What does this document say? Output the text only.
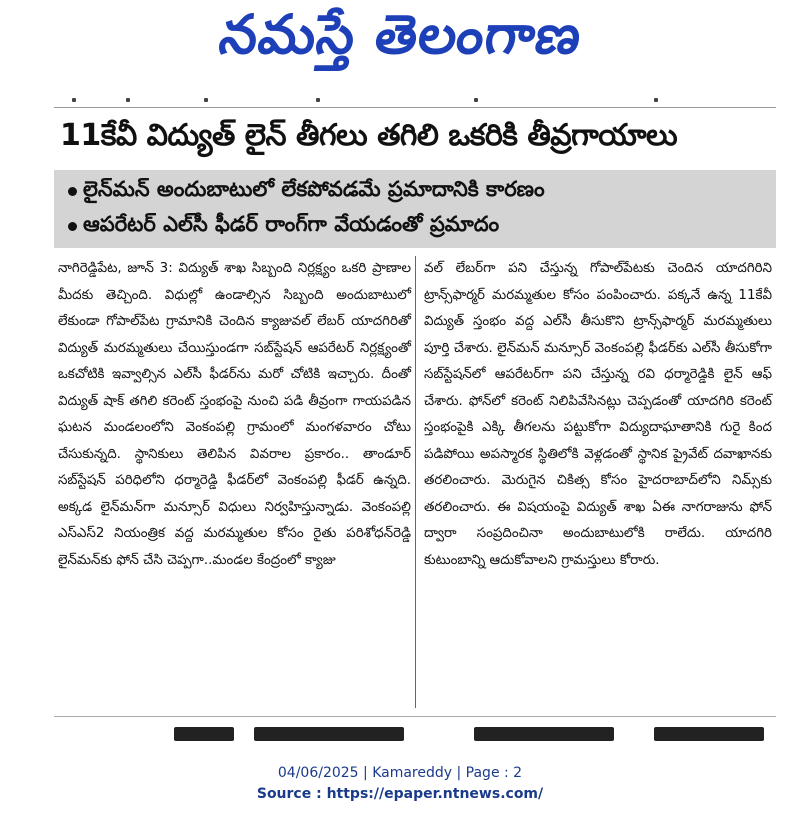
నమస్తే తెలంగాణ
11కేవీ విద్యుత్ లైన్ తీగలు తగిలి ఒకరికి తీవ్రగాయాలు
లైన్‌మన్ అందుబాటులో లేకపోవడమే ప్రమాదానికి కారణం
ఆపరేటర్ ఎల్‌సీ ఫీడర్ రాంగ్‌గా వేయడంతో ప్రమాదం
నాగిరెడ్డిపేట, జూన్ 3: విద్యుత్ శాఖ సిబ్బంది నిర్లక్ష్యం ఒకరి ప్రాణాల మీదకు తెచ్చింది. విధుల్లో ఉండాల్సిన సిబ్బంది అందుబాటులో లేకుండా గోపాల్‌పేట గ్రామానికి చెందిన క్యాజువల్ లేబర్ యాదగిరితో విద్యుత్ మరమ్మతులు చేయిస్తుండగా సబ్‌స్టేషన్ ఆపరేటర్ నిర్లక్ష్యంతో ఒకచోటికి ఇవ్వాల్సిన ఎల్‌సీ ఫీడర్‌ను మరో చోటికి ఇచ్చారు. దీంతో విద్యుత్ షాక్ తగిలి కరెంట్ స్తంభంపై నుంచి పడి తీవ్రంగా గాయపడిన ఘటన మండలంలోని వెంకంపల్లి గ్రామంలో మంగళవారం చోటు చేసుకున్నది. స్థానికులు తెలిపిన వివరాల ప్రకారం.. తాండూర్ సబ్‌స్టేషన్ పరిధిలోని ధర్మారెడ్డి ఫీడర్‌లో వెంకంపల్లి ఫీడర్ ఉన్నది. అక్కడ లైన్‌మన్‌గా మన్సూర్ విధులు నిర్వహిస్తున్నాడు. వెంకంపల్లి ఎస్ఎస్2 నియంత్రిక వద్ద మరమ్మతుల కోసం రైతు పరిశోధన్‌రెడ్డి లైన్‌మన్‌కు ఫోన్ చేసి చెప్పగా..మండల కేంద్రంలో క్యాజు
వల్ లేబర్‌గా పని చేస్తున్న గోపాల్‌పేటకు చెందిన యాదగిరిని ట్రాన్స్‌ఫార్మర్ మరమ్మతుల కోసం పంపించారు. పక్కనే ఉన్న 11కేవీ విద్యుత్ స్తంభం వద్ద ఎల్‌సీ తీసుకొని ట్రాన్స్‌ఫార్మర్ మరమ్మతులు పూర్తి చేశారు. లైన్‌మన్ మన్సూర్ వెంకంపల్లి ఫీడర్‌కు ఎల్‌సీ తీసుకోగా సబ్‌స్టేషన్‌లో ఆపరేటర్‌గా పని చేస్తున్న రవి ధర్మారెడ్డికి లైన్ ఆఫ్ చేశారు. ఫోన్‌లో కరెంట్ నిలిపివేసినట్లు చెప్పడంతో యాదగిరి కరెంట్ స్తంభంపైకి ఎక్కి తీగలను పట్టుకోగా విద్యుదాఘాతానికి గురై కింద పడిపోయి అపస్మారక స్థితిలోకి వెళ్లడంతో స్థానిక ప్రైవేట్ దవాఖానకు తరలించారు. మెరుగైన చికిత్స కోసం హైదరాబాద్‌లోని నిమ్స్‌కు తరలించారు. ఈ విషయంపై విద్యుత్ శాఖ ఏఈ నాగరాజును ఫోన్ ద్వారా సంప్రదించినా అందుబాటులోకి రాలేదు. యాదగిరి కుటుంబాన్ని ఆదుకోవాలని గ్రామస్తులు కోరారు.
04/06/2025 | Kamareddy | Page : 2
Source : https://epaper.ntnews.com/
